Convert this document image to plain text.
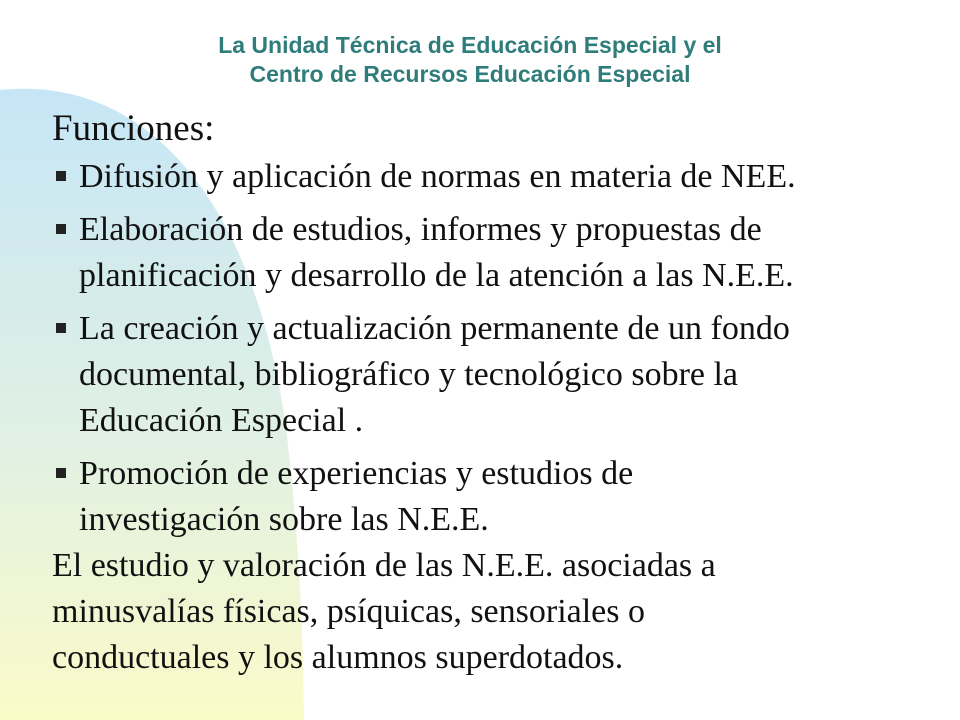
La Unidad Técnica de Educación Especial y el
Centro de Recursos Educación Especial

Funciones:

Difusión y aplicación de normas en materia de NEE.
Elaboración de estudios, informes y propuestas de
planificación y desarrollo de la atención a las N.E.E.
La creación y actualización permanente de un fondo
documental, bibliográfico y tecnológico sobre la
Educación Especial .
Promoción de experiencias y estudios de
investigación sobre las N.E.E.
El estudio y valoración de las N.E.E. asociadas a
minusvalías físicas, psíquicas, sensoriales o
conductuales y los alumnos superdotados.
